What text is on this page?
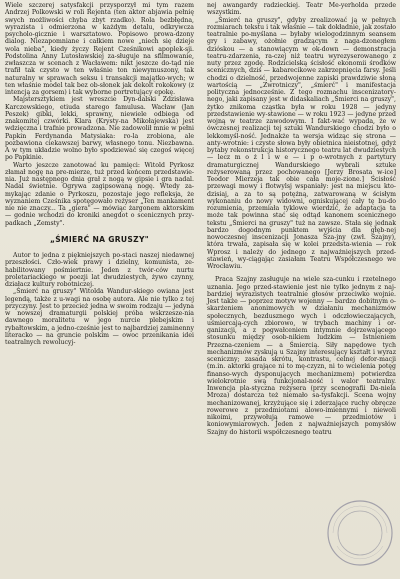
Wiele szczerej satysfakcji przysporzył mi tym razem Andrzej Polkowski w roli Rejenta (ten aktor abjawia pełnię swych możliwości chyba zbyt rzadko). Rola bezbłędna, wyrazista i odmierzona w każdym detalu, odkrywcza psycholo-gicznie i warsztatowo. Popisowo prowa-dzony dialog. Niezapomniane i całkiem nowe „niech się dzieje wola nieba", kiedy życzy Rejent Cześnikowi apoplek-sji. Podstolina Anny Lutosławskiej za-sługuje na sfilmowanie, zwłaszcza w scenach z Wacławem: nikt jeszcze do-tąd nie trafił tak czysto w ten właśnie ton niewymuszony, tak naturalny w sprawach seksu i transakcji majątko-wych; w ten właśnie model tak bez ob-słonek jak dekolt rokokowy (z intencją za gorsem) i tak wyborne portretujący epokę.

Majstersztykiem jest wreszcie Dyn-dalski Zdzisława Karczewskiego, etiuda starego famulusa. Wacław (Jan Peszek) gibki, lekki, sprawny, niewiele odbiega od znakomitej czwórki. Klara (Krysty-na Mikołajewska) jest wdzięczna i trafnie prowadzona. Nie zadowolił mnie w pełni Papkin Ferdynanda Matysiaka: ro-la zrobiona, ale pozbawiona ciekawszej barwy, własnego tonu. Niezbawna. A w tym układzie wolno było spodziewać się czegoś więcej po Papkinie.

Warto jeszcze zanotować ku pamięci: Witold Pyrkosz złamał nogę na pre-mierze, tuż przed końcem przedstawie-nia. Już następnego dnia grał z nogą w gipsie i gra nadal. Nadal świetnie. Ogrywa zagipsowaną nogę. Wtedy za-mykając zdanie o Pyrkoszu, pozostaje jego refleksja, że wyznaniem Cześnika spotęgowało reżyser „Ten mankament nie nie znaczy... Ta „giera" — mówiąc żargonem aktorskim — godnie wchodzi do kroniki anegdot o scenicznych przy-padkach „Zemsty".

„ŚMIERĆ NA GRUSZY"

Autor to jedna z piękniejszych po-staci naszej niedawnej przeszłości. Czło-wiek prawy i dzielny, komunista, ze-habilitowany pośmiertnie. Jeden z twór-ców nurtu proletariackiego w poezji lat dwudziestych, żywo czynny, działacz kultury robotniczej.

„Śmierć na gruszy" Witolda Wandur-skiego owiana jest legendą, także z u-wagi na osobę autora. Ale nie tylko z tej przyczyny. Jest to przecież jedna w swoim rodzaju — jedyna w nowszej dramaturgii polskiej próba wskrzesze-nia dawnego moralitetu w jego nurcie plebejskim i rybałtowskim, a jedno-cześnie jest to najbardziej zaminenny literacko — na gruncie polskim — owoc przenikania idei teatralnych rewolucyj-

nej awangardy radzieckiej. Teatr Me-yerholda przede wszystkim.

„Śmierć na gruszy", gdyby zrealizować ją w pełnych rozmiarach tekstu i tak właśnie — tak dokładnie, jak zostało teatralnie po-myślana — byłaby wielogodzinnym seansem gry i zabawy, ożołnie gradzącym z naga-dzonegłem dzióskou — a stanowiącym w ok-down — demonstracja teatru-zdarzenia, ra-czej niż teatru wyrezyserowanego z nuty przez zgodę. Rodzicielską ścisłość ekonomii środków scenicznych, dziś — kabarecikowe zakrzepnięcia farsy. Jeśli chodzi o dzielność, przedwojenne zapiski prawdziwie słoną wartością — „Zwrotniczy", „śmierć" i manifestacja polityczna jednocześnie. Z tego rozmachu inscenizatory-nego, jaki zapisany jest w didaskaliach „Śmierci na gruszy", żytko znikoma cząstka była w roku 1928 — jedyny przedstawienie wy-stawione — w roku 1923 — jedyne przed wojną w teatrze zawodowym. I fakt-wać wypada, że w ówczesnej realizacji tej sztuki Wandurskiego chodzi było o lekkomyśl-ność. Jednakże ta wersja widząc się strona — anty-wrotnie: i czyste słowa były obietnica nieistotnej, gdyż bytaby rekonstrukcja historycznego teatru lat dwudziestych — lecz m o ż l i w e — i p o-wrotnych z partytury dramaturgicznej Wandurskiego wybrali sztuke reżyserowaną przez pochowanego [Jerzy Brosata w-ice] Teodor Mierzeja tak obie cała moje-zione.] Ścisłość przewagi mowy i fłotwylsj wspaniały: jest na miejscu kto-dzisiaj, a za to są potężną, zatwarowaną w ścisłym wykonaniu do nowy widowni, ogniskującej cały tę bu-do rozumienia, przemiała tyklowe wierdzić, że adaptacja ta może tak powinna stać się odtąd kanonem scenicznego tekstu „Śmierci na gruszy" tuż na zawsze. Stała się jednak bardzo dogodnym punktem wyjścia dla głęb-nej nowoczesnej inscenizacji Jonasza Sza-jny (zwł. Szajny), która trwała, zapisała się w kolei przedsta-wienia — rok Wprosz i należy do jednego z najważniejszych przed-stawień, wy-ciągając zasiałam Teatru Współczesnego we Wrocławiu.

Praca Szajny zasługuje na wiele sza-cunku i rzetelnego uznania. Jego przed-stawienie jest nie tylko jednym z naj-bardziej wyrazistych teatralnie głosów przeciwko wojnie. Jest także — poprzez motyw wojenny — bardzo dobitnym o-skarżeniem anonimowych w działaniu mechanizmów społecznych, bezdusznego wych i odczłowieczających, uśmiercają-cych zbiorowo, w trybach machiny i or-ganizacji, a z pogwałceniem intymnie dojrzewającego stosunku między osob-nikiem ludzkim — Istnieniem Przezna-czeniem — a Śmiercią. Siły napędowe tych mechanizmów zyskują u Szajny interesujący kształt i wyraz sceniczny; zasada skrótu, kontrastu, celnej defor-macji (m.in. aktorki grające ni to mę-czyzn, ni to wcielenia potęg finanso-wych dysponujących mechanizmem) potwierdza wielokrotnie swą funkcjonal-ność i walor teatralny. Inwencja pla-styczna reżysera (przy scenografii Da-niela Mroza) dostarcza też niemało sa-tysfakcji. Scena wojny mechanizowanej, krzyżujące się i zderzające ruchy obręcze rowerowe z przedmiotami alowo-imiennymi i niewoli nikoimi, przywołują ramowe — przedmiotów i koniowymiarowych. Jeden z najważniejszych pomysłów Szajny do historii współczesnego teatru
